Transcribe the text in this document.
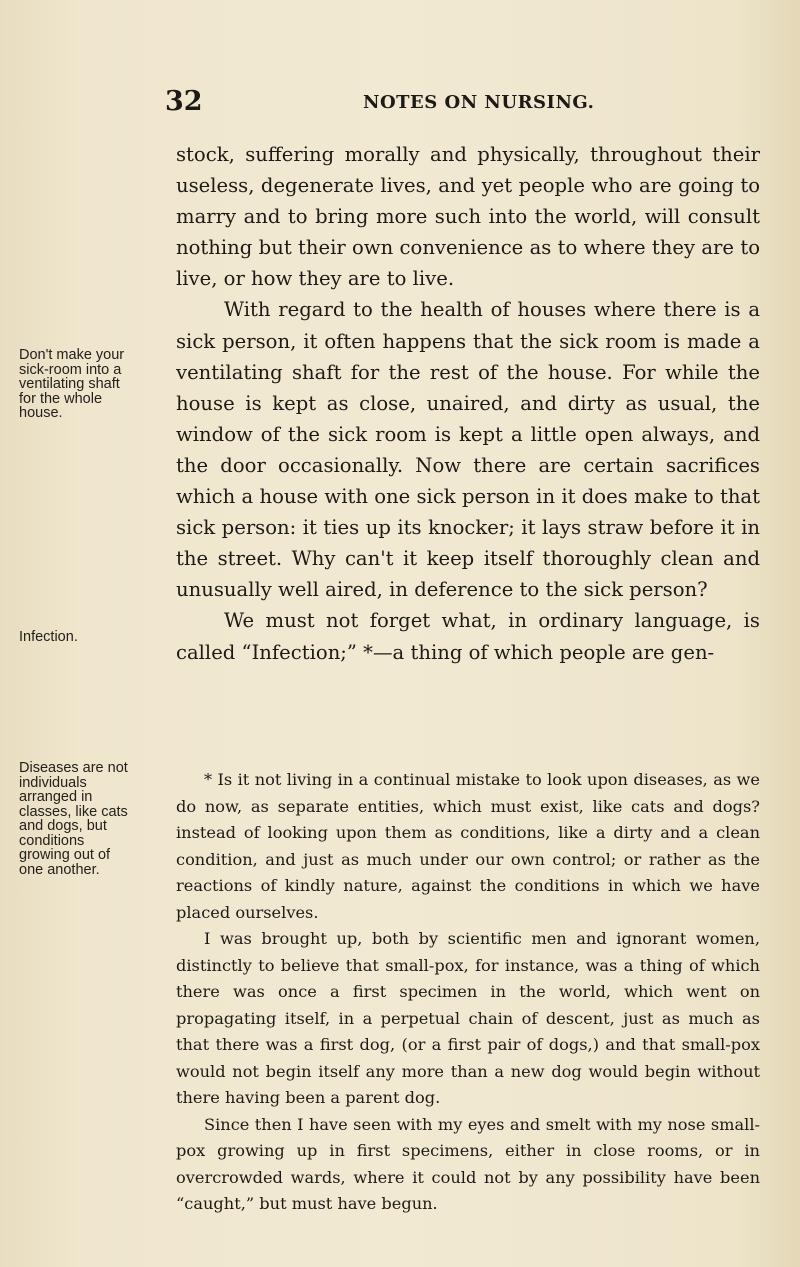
32	NOTES ON NURSING.
Don't make your sick-room into a ventilating shaft for the whole house.
Infection.
Diseases are not individuals arranged in classes, like cats and dogs, but conditions growing out of one another.

stock, suffering morally and physically, throughout their useless, degenerate lives, and yet people who are going to marry and to bring more such into the world, will consult nothing but their own convenience as to where they are to live, or how they are to live.

With regard to the health of houses where there is a sick person, it often happens that the sick room is made a ventilating shaft for the rest of the house. For while the house is kept as close, unaired, and dirty as usual, the window of the sick room is kept a little open always, and the door occasionally. Now there are certain sacrifices which a house with one sick person in it does make to that sick person: it ties up its knocker; it lays straw before it in the street. Why can't it keep itself thoroughly clean and unusually well aired, in deference to the sick person?

We must not forget what, in ordinary language, is called “Infection;” *—a thing of which people are gen-

* Is it not living in a continual mistake to look upon diseases, as we do now, as separate entities, which must exist, like cats and dogs? instead of looking upon them as conditions, like a dirty and a clean condition, and just as much under our own control; or rather as the reactions of kindly nature, against the conditions in which we have placed ourselves.

I was brought up, both by scientific men and ignorant women, distinctly to believe that small-pox, for instance, was a thing of which there was once a first specimen in the world, which went on propagating itself, in a perpetual chain of descent, just as much as that there was a first dog, (or a first pair of dogs,) and that small-pox would not begin itself any more than a new dog would begin without there having been a parent dog.

Since then I have seen with my eyes and smelt with my nose small-pox growing up in first specimens, either in close rooms, or in overcrowded wards, where it could not by any possibility have been “caught,” but must have begun.
